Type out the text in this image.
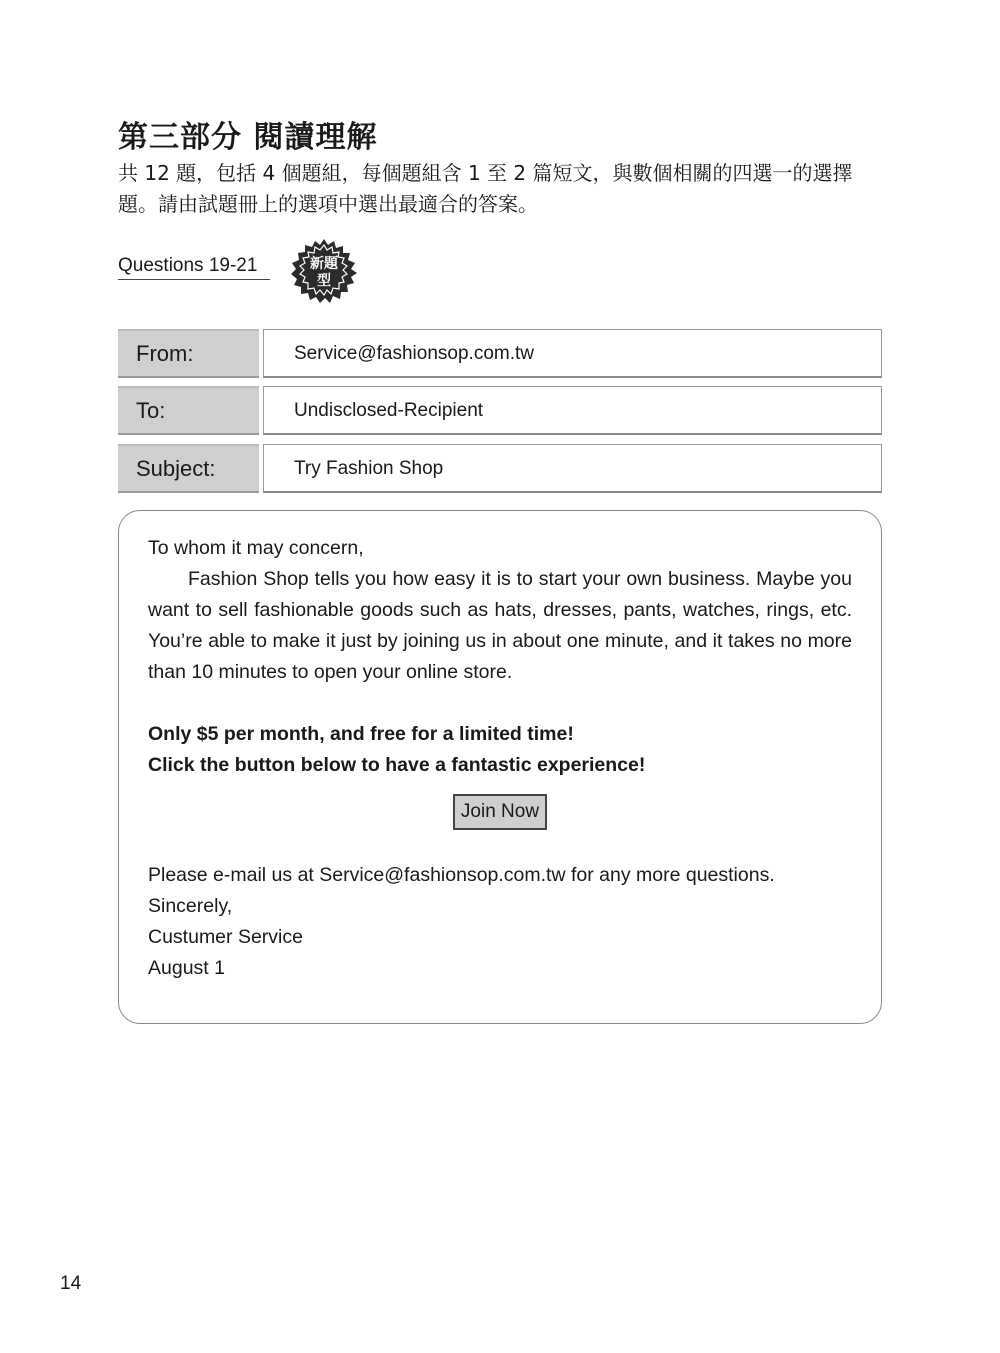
第三部分 閱讀理解

共 12 題，包括 4 個題組，每個題組含 1 至 2 篇短文，與數個相關的四選一的選擇題。請由試題冊上的選項中選出最適合的答案。

Questions 19-21	新題
型
From:	Service@fashionsop.com.tw
To:	Undisclosed-Recipient
Subject:	Try Fashion Shop

To whom it may concern,

Fashion Shop tells you how easy it is to start your own business. Maybe you want to sell fashionable goods such as hats, dresses, pants, watches, rings, etc. You’re able to make it just by joining us in about one minute, and it takes no more than 10 minutes to open your online store.

Only $5 per month, and free for a limited time!

Click the button below to have a fantastic experience!

Join Now

Please e-mail us at Service@fashionsop.com.tw for any more questions.

Sincerely,

Custumer Service

August 1

14
